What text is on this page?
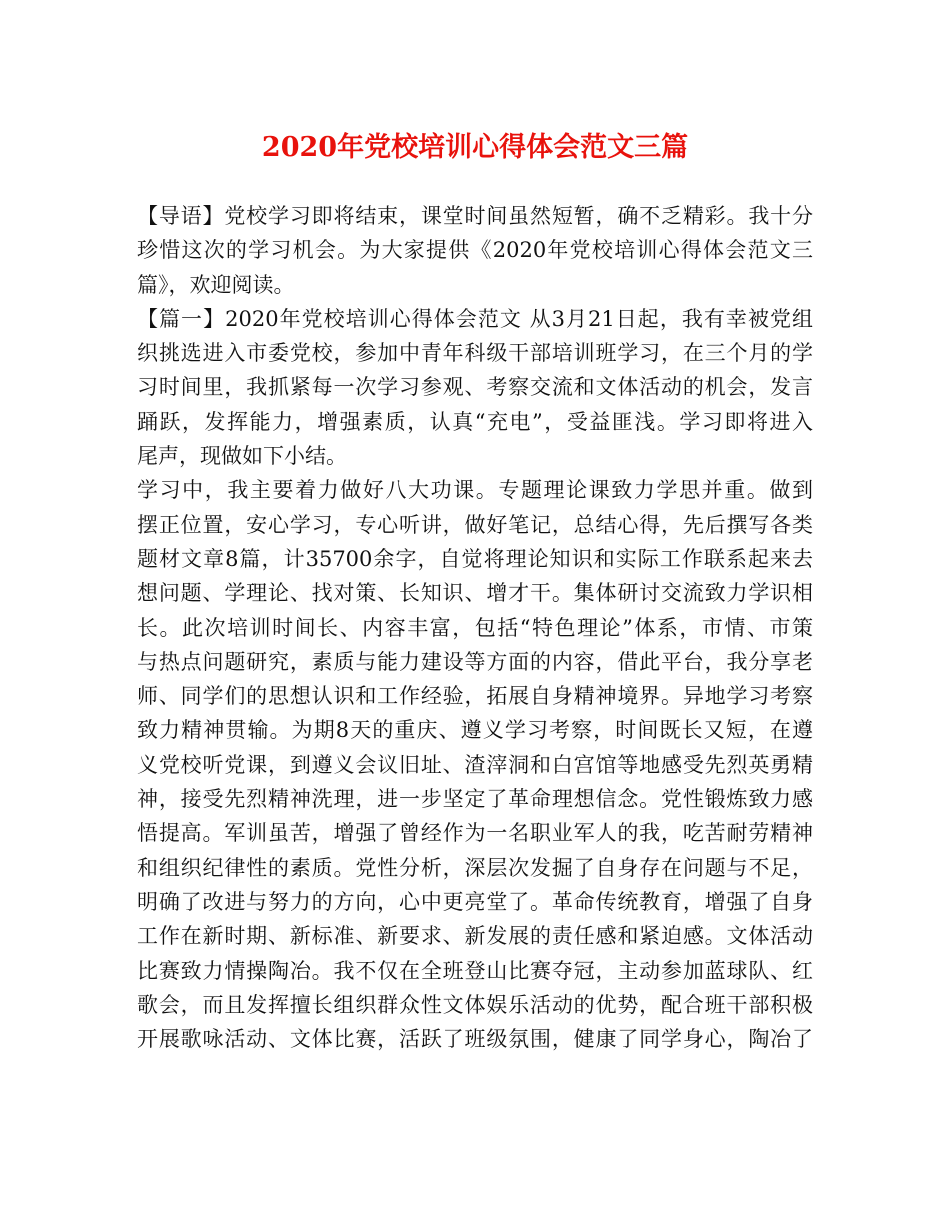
2020年党校培训心得体会范文三篇
【导语】党校学习即将结束，课堂时间虽然短暂，确不乏精彩。我十分
珍惜这次的学习机会。为大家提供《2020年党校培训心得体会范文三
篇》，欢迎阅读。
【篇一】2020年党校培训心得体会范文 从3月21日起，我有幸被党组
织挑选进入市委党校，参加中青年科级干部培训班学习，在三个月的学
习时间里，我抓紧每一次学习参观、考察交流和文体活动的机会，发言
踊跃，发挥能力，增强素质，认真“充电”，受益匪浅。学习即将进入
尾声，现做如下小结。
学习中，我主要着力做好八大功课。专题理论课致力学思并重。做到
摆正位置，安心学习，专心听讲，做好笔记，总结心得，先后撰写各类
题材文章8篇，计35700余字，自觉将理论知识和实际工作联系起来去
想问题、学理论、找对策、长知识、增才干。集体研讨交流致力学识相
长。此次培训时间长、内容丰富，包括“特色理论”体系，市情、市策
与热点问题研究，素质与能力建设等方面的内容，借此平台，我分享老
师、同学们的思想认识和工作经验，拓展自身精神境界。异地学习考察
致力精神贯输。为期8天的重庆、遵义学习考察，时间既长又短，在遵
义党校听党课，到遵义会议旧址、渣滓洞和白宫馆等地感受先烈英勇精
神，接受先烈精神洗理，进一步坚定了革命理想信念。党性锻炼致力感
悟提高。军训虽苦，增强了曾经作为一名职业军人的我，吃苦耐劳精神
和组织纪律性的素质。党性分析，深层次发掘了自身存在问题与不足，
明确了改进与努力的方向，心中更亮堂了。革命传统教育，增强了自身
工作在新时期、新标准、新要求、新发展的责任感和紧迫感。文体活动
比赛致力情操陶冶。我不仅在全班登山比赛夺冠，主动参加蓝球队、红
歌会，而且发挥擅长组织群众性文体娱乐活动的优势，配合班干部积极
开展歌咏活动、文体比赛，活跃了班级氛围，健康了同学身心，陶冶了
